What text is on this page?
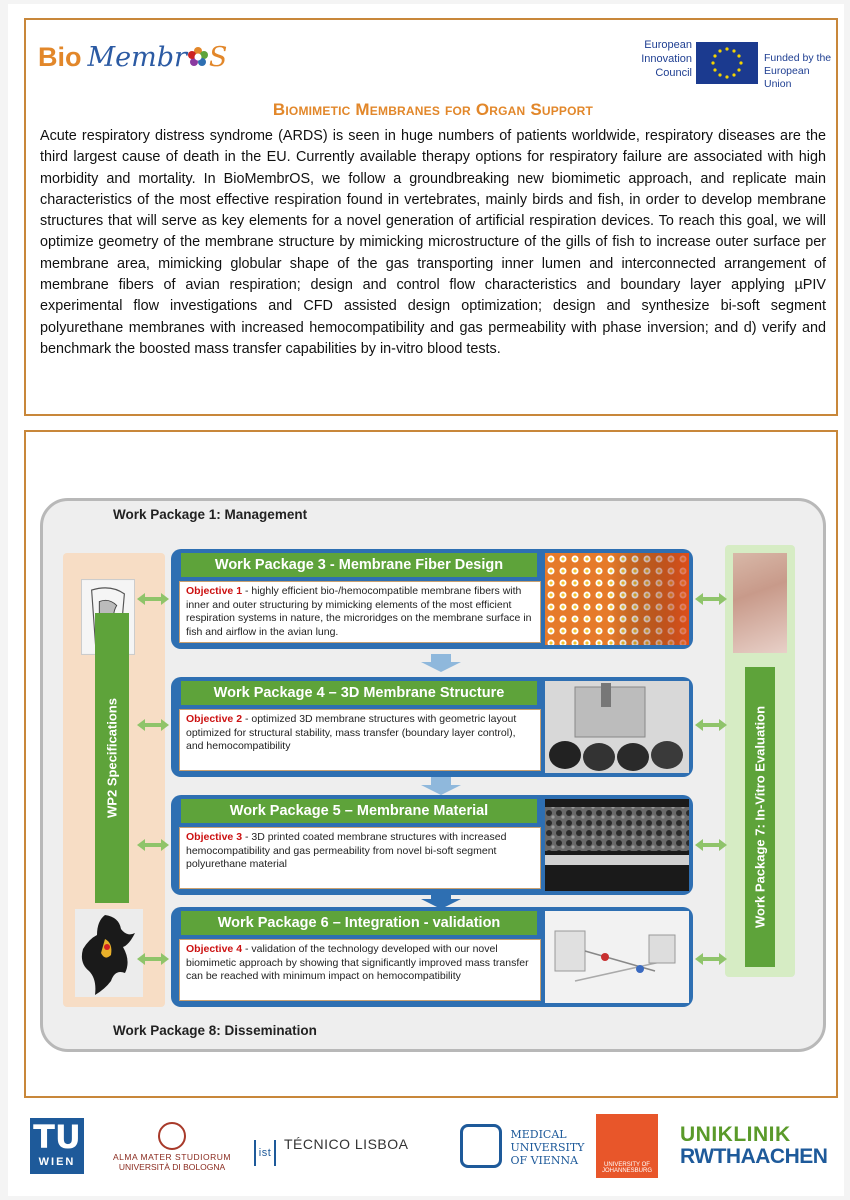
Bio Membr S	European
Innovation
Council
Funded by the
European Union
Biomimetic Membranes for Organ Support
Acute respiratory distress syndrome (ARDS) is seen in huge numbers of patients worldwide, respiratory diseases are the third largest cause of death in the EU. Currently available therapy options for respiratory failure are associated with high morbidity and mortality. In BioMembrOS, we follow a groundbreaking new biomimetic approach, and replicate main characteristics of the most effective respiration found in vertebrates, mainly birds and fish, in order to develop membrane structures that will serve as key elements for a novel generation of artificial respiration devices. To reach this goal, we will optimize geometry of the membrane structure by mimicking microstructure of the gills of fish to increase outer surface per membrane area, mimicking globular shape of the gas transporting inner lumen and interconnected arrangement of membrane fibers of avian respiration; design and control flow characteristics and boundary layer applying µPIV experimental flow investigations and CFD assisted design optimization; design and synthesize bi-soft segment polyurethane membranes with increased hemocompatibility and gas permeability with phase inversion; and d) verify and benchmark the boosted mass transfer capabilities by in-vitro blood tests.
Work Package 1: Management
WP2 Specifications	Work Package 7: In-Vitro Evaluation
Work Package 3 - Membrane Fiber Design
Objective 1 - highly efficient bio-/hemocompatible membrane fibers with inner and outer structuring by mimicking elements of the most efficient respiration systems in nature, the microridges on the membrane surface in fish and airflow in the avian lung.
Work Package 4 – 3D Membrane Structure
Objective 2 - optimized 3D membrane structures with geometric layout optimized for structural stability, mass transfer (boundary layer control), and hemocompatibility
Work Package 5 – Membrane Material
Objective 3 - 3D printed coated membrane structures with increased hemocompatibility and gas permeability from novel bi-soft segment polyurethane material
Work Package 6 – Integration - validation
Objective 4 - validation of the technology developed with our novel biomimetic approach by showing that significantly improved mass transfer can be reached with minimum impact on hemocompatibility
Work Package 8: Dissemination
TU
WIEN	ALMA MATER STUDIORUM
UNIVERSITÀ DI BOLOGNA
istTÉCNICO LISBOA
MEDICAL
UNIVERSITY
OF VIENNA	UNIVERSITY OF JOHANNESBURG
UNIKLINIK
RWTHAACHEN
